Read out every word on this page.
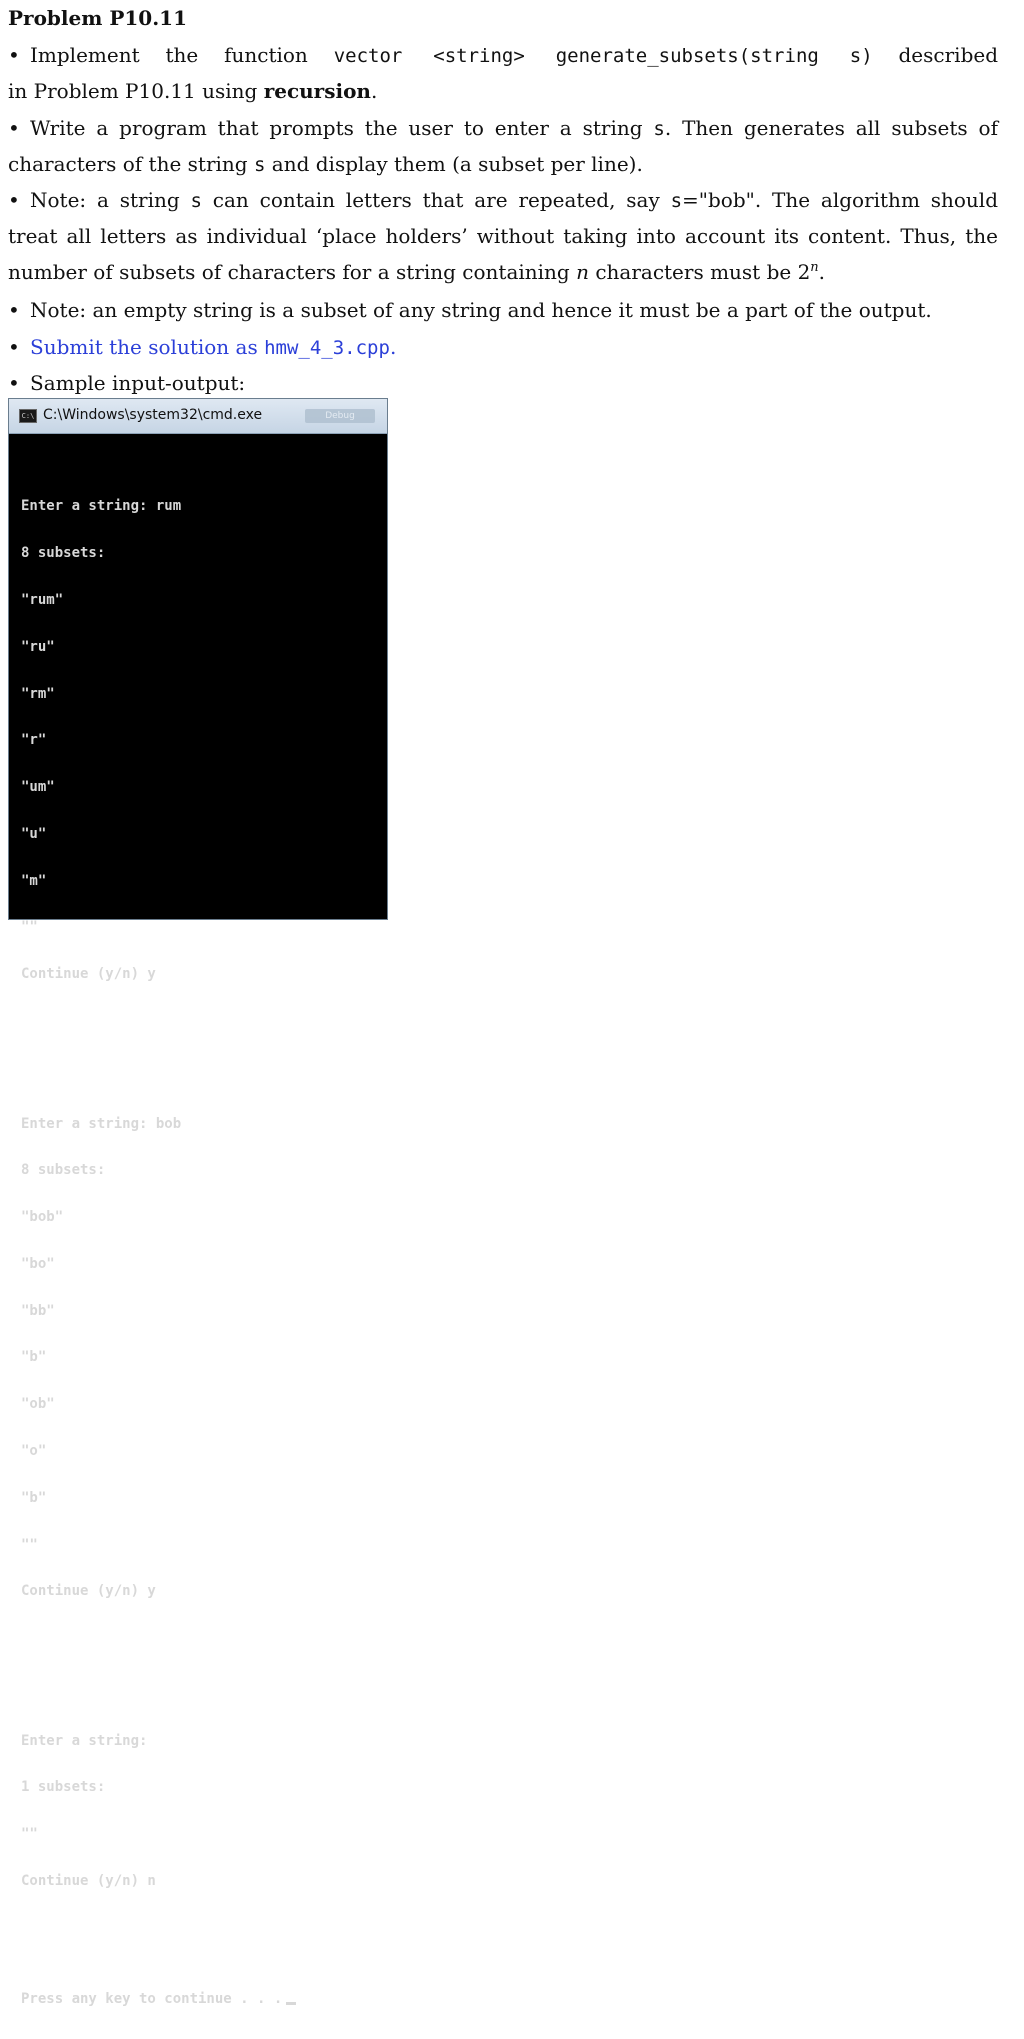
Problem P10.11
• Implement the function vector <string> generate_subsets(string s) described
in Problem P10.11 using recursion.
• Write a program that prompts the user to enter a string s. Then generates all subsets of
characters of the string s and display them (a subset per line).
• Note: a string s can contain letters that are repeated, say s="bob". The algorithm should
treat all letters as individual ‘place holders’ without taking into account its content. Thus, the
number of subsets of characters for a string containing n characters must be 2$^n$.
• Note: an empty string is a subset of any string and hence it must be a part of the output.
• Submit the solution as hmw_4_3.cpp.
• Sample input-output:
C:\ C:\Windows\system32\cmd.exe	Debug

Enter a string: rum

8 subsets:

"rum"

"ru"

"rm"

"r"

"um"

"u"

"m"

""

Continue (y/n) y

Enter a string: bob

8 subsets:

"bob"

"bo"

"bb"

"b"

"ob"

"o"

"b"

""

Continue (y/n) y

Enter a string:

1 subsets:

""

Continue (y/n) n

Press any key to continue . . .
